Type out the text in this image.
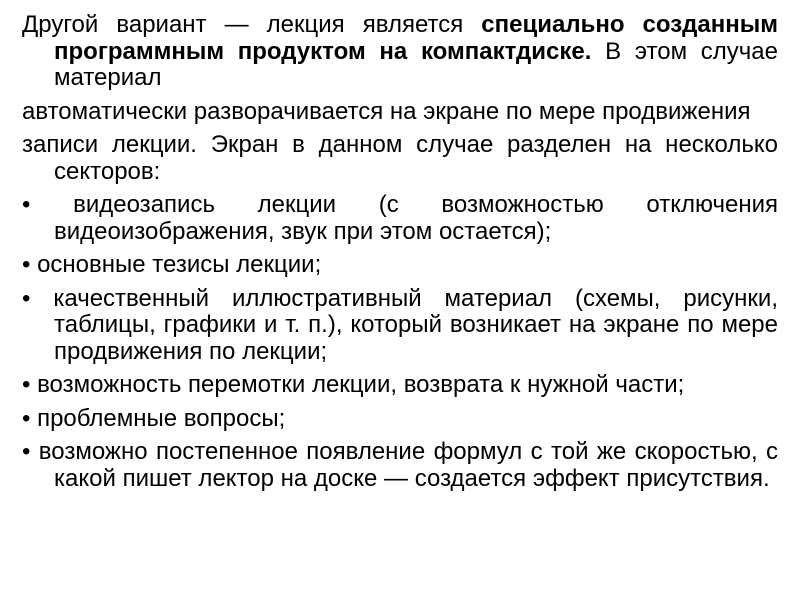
Другой вариант — лекция является специально созданным программным продуктом на компактдиске. В этом случае материал

автоматически разворачивается на экране по мере продвижения

записи лекции. Экран в данном случае разделен на несколько секторов:

• видеозапись лекции (с возможностью отключения видеоизображения, звук при этом остается);

• основные тезисы лекции;

• качественный иллюстративный материал (схемы, рисунки, таблицы, графики и т. п.), который возникает на экране по мере продвижения по лекции;

• возможность перемотки лекции, возврата к нужной части;

• проблемные вопросы;

• возможно постепенное появление формул с той же скоростью, с какой пишет лектор на доске — создается эффект присутствия.
